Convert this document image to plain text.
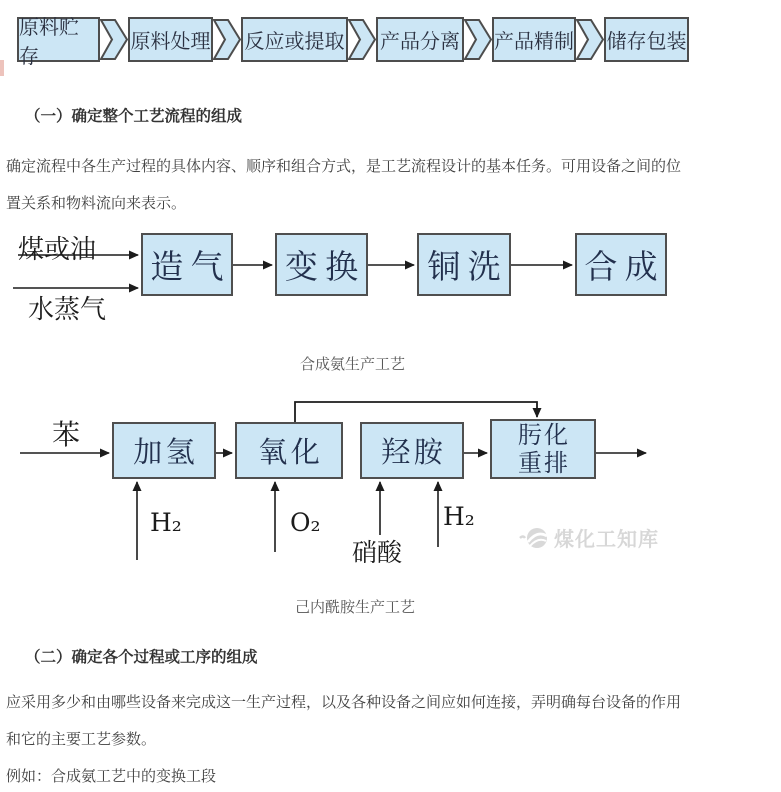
原料贮存
原料处理 反应或提取 产品分离 产品精制 储存包装
（一）确定整个工艺流程的组成
确定流程中各生产过程的具体内容、顺序和组合方式，是工艺流程设计的基本任务。可用设备之间的位
置关系和物料流向来表示。
煤或油
水蒸气
造气 变换	铜洗 合成
合成氨生产工艺
苯
加氢	氧化	羟胺	肟化
重排
H₂	O₂
硝酸
H₂
煤化工知库
己内酰胺生产工艺
（二）确定各个过程或工序的组成
应采用多少和由哪些设备来完成这一生产过程，以及各种设备之间应如何连接，弄明确每台设备的作用
和它的主要工艺参数。
例如：合成氨工艺中的变换工段
